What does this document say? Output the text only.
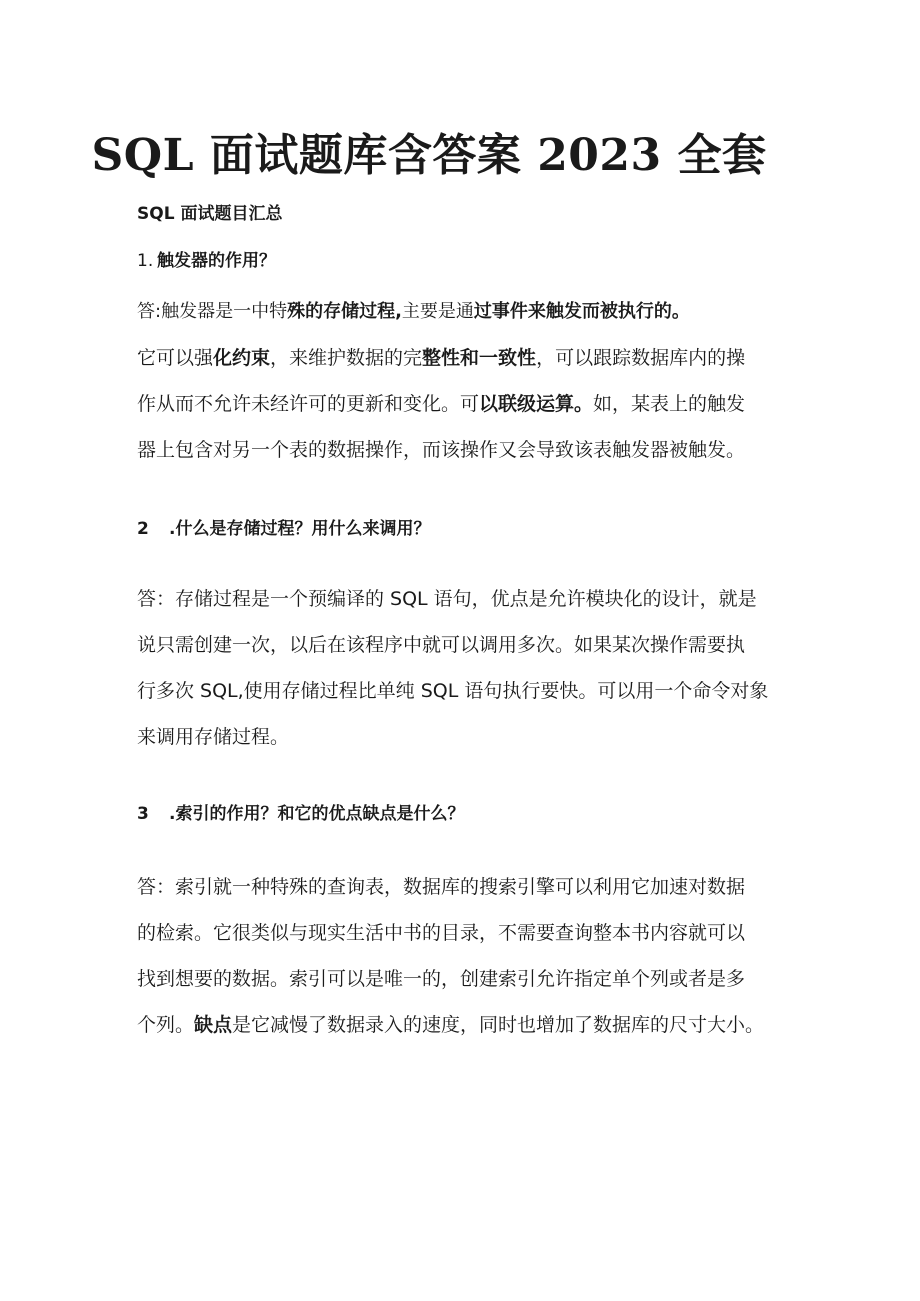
SQL 面试题库含答案 2023 全套
SQL 面试题目汇总
1. 触发器的作用？
答:触发器是一中特殊的存储过程,主要是通过事件来触发而被执行的。
它可以强化约束，来维护数据的完整性和一致性，可以跟踪数据库内的操
作从而不允许未经许可的更新和变化。可以联级运算。如，某表上的触发
器上包含对另一个表的数据操作，而该操作又会导致该表触发器被触发。
2 .什么是存储过程？用什么来调用？
答：存储过程是一个预编译的 SQL 语句，优点是允许模块化的设计，就是
说只需创建一次，以后在该程序中就可以调用多次。如果某次操作需要执
行多次 SQL,使用存储过程比单纯 SQL 语句执行要快。可以用一个命令对象
来调用存储过程。
3 .索引的作用？和它的优点缺点是什么？
答：索引就一种特殊的查询表，数据库的搜索引擎可以利用它加速对数据
的检索。它很类似与现实生活中书的目录，不需要查询整本书内容就可以
找到想要的数据。索引可以是唯一的，创建索引允许指定单个列或者是多
个列。缺点是它减慢了数据录入的速度，同时也增加了数据库的尺寸大小。
